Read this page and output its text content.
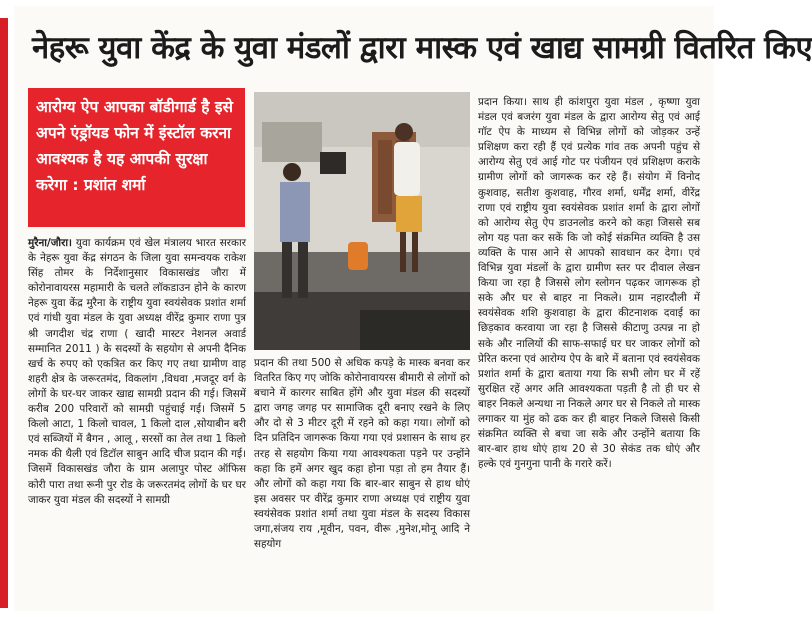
नेहरू युवा केंद्र के युवा मंडलों द्वारा मास्क एवं खाद्य सामग्री वितरित किए
आरोग्य ऐप आपका बॉडीगार्ड है इसे अपने एंड्रॉयड फोन में इंस्टॉल करना आवश्यक है यह आपकी सुरक्षा करेगा : प्रशांत शर्मा
मुरैना/जौरा। युवा कार्यक्रम एवं खेल मंत्रालय भारत सरकार के नेहरू युवा केंद्र संगठन के जिला युवा समन्वयक राकेश सिंह तोमर के निर्देशानुसार विकासखंड जौरा में कोरोनावायरस महामारी के चलते लॉकडाउन होने के कारण नेहरू युवा केंद्र मुरैना के राष्ट्रीय युवा स्वयंसेवक प्रशांत शर्मा एवं गांधी युवा मंडल के युवा अध्यक्ष वीरेंद्र कुमार राणा पुत्र श्री जगदीश चंद्र राणा ( खादी मास्टर नेशनल अवार्ड सम्मानित 2011 ) के सदस्यों के सहयोग से अपनी दैनिक खर्च के रुपए को एकत्रित कर किए गए तथा ग्रामीण वाह शहरी क्षेत्र के जरूरतमंद, विकलांग ,विधवा ,मजदूर वर्ग के लोगों के घर-घर जाकर खाद्य सामग्री प्रदान की गई। जिसमें करीब 200 परिवारों को सामग्री पहुंचाई गई। जिसमें 5 किलो आटा, 1 किलो चावल, 1 किलो दाल ,सोयाबीन बरी एवं सब्जियों में बैगन , आलू , सरसों का तेल तथा 1 किलो नमक की थैली एवं डिटॉल साबुन आदि चीज प्रदान की गई। जिसमें विकासखंड जौरा के ग्राम अलापुर पोस्ट ऑफिस कोरी पारा तथा रूनी पुर रोड के जरूरतमंद लोगों के घर घर जाकर युवा मंडल की सदस्यों ने सामग्री
प्रदान की तथा 500 से अधिक कपड़े के मास्क बनवा कर वितरित किए गए जोकि कोरोनावायरस बीमारी से लोगों को बचाने में कारगर साबित होंगे और युवा मंडल की सदस्यों द्वारा जगह जगह पर सामाजिक दूरी बनाए रखने के लिए और दो से 3 मीटर दूरी में रहने को कहा गया। लोगों को दिन प्रतिदिन जागरूक किया गया एवं प्रशासन के साथ हर तरह से सहयोग किया गया आवश्यकता पड़ने पर उन्होंने कहा कि हमें अगर खुद कहा होना पड़ा तो हम तैयार हैं। और लोगों को कहा गया कि बार-बार साबुन से हाथ धोएं इस अवसर पर वीरेंद्र कुमार राणा अध्यक्ष एवं राष्ट्रीय युवा स्वयंसेवक प्रशांत शर्मा तथा युवा मंडल के सदस्य विकास जगा,संजय राय ,मूवीन, पवन, वीरू ,मुनेश,मोनू आदि ने सहयोग
प्रदान किया। साथ ही कांशपुरा युवा मंडल , कृष्णा युवा मंडल एवं बजरंग युवा मंडल के द्वारा आरोग्य सेतु एवं आई गॉट ऐप के माध्यम से विभिन्न लोगों को जोड़कर उन्हें प्रशिक्षण करा रही हैं एवं प्रत्येक गांव तक अपनी पहुंच से आरोग्य सेतु एवं आई गोट पर पंजीयन एवं प्रशिक्षण कराके ग्रामीण लोगों को जागरूक कर रहे हैं। संयोग में विनोद कुशवाह, सतीश कुशवाह, गौरव शर्मा, धर्मेंद्र शर्मा, वीरेंद्र राणा एवं राष्ट्रीय युवा स्वयंसेवक प्रशांत शर्मा के द्वारा लोगों को आरोग्य सेतु ऐप डाउनलोड करने को कहा जिससे सब लोग यह पता कर सकें कि जो कोई संक्रमित व्यक्ति है उस व्यक्ति के पास आने से आपको सावधान कर देगा। एवं विभिन्न युवा मंडलों के द्वारा ग्रामीण स्तर पर दीवाल लेखन किया जा रहा है जिससे लोग स्लोगन पढ़कर जागरूक हो सके और घर से बाहर ना निकले। ग्राम नहारदौली में स्वयंसेवक शशि कुशवाहा के द्वारा कीटनाशक दवाई का छिड़काव करवाया जा रहा है जिससे कीटाणु उत्पन्न ना हो सके और नालियों की साफ-सफाई घर घर जाकर लोगों को प्रेरित करना एवं आरोग्य ऐप के बारे में बताना एवं स्वयंसेवक प्रशांत शर्मा के द्वारा बताया गया कि सभी लोग घर में रहें सुरक्षित रहें अगर अति आवश्यकता पड़ती है तो ही घर से बाहर निकले अन्यथा ना निकले अगर घर से निकले तो मास्क लगाकर या मुंह को ढक कर ही बाहर निकले जिससे किसी संक्रमित व्यक्ति से बचा जा सके और उन्होंने बताया कि बार-बार हाथ धोएं हाथ 20 से 30 सेकंड तक धोएं और हल्के एवं गुनगुना पानी के गरारे करें।
